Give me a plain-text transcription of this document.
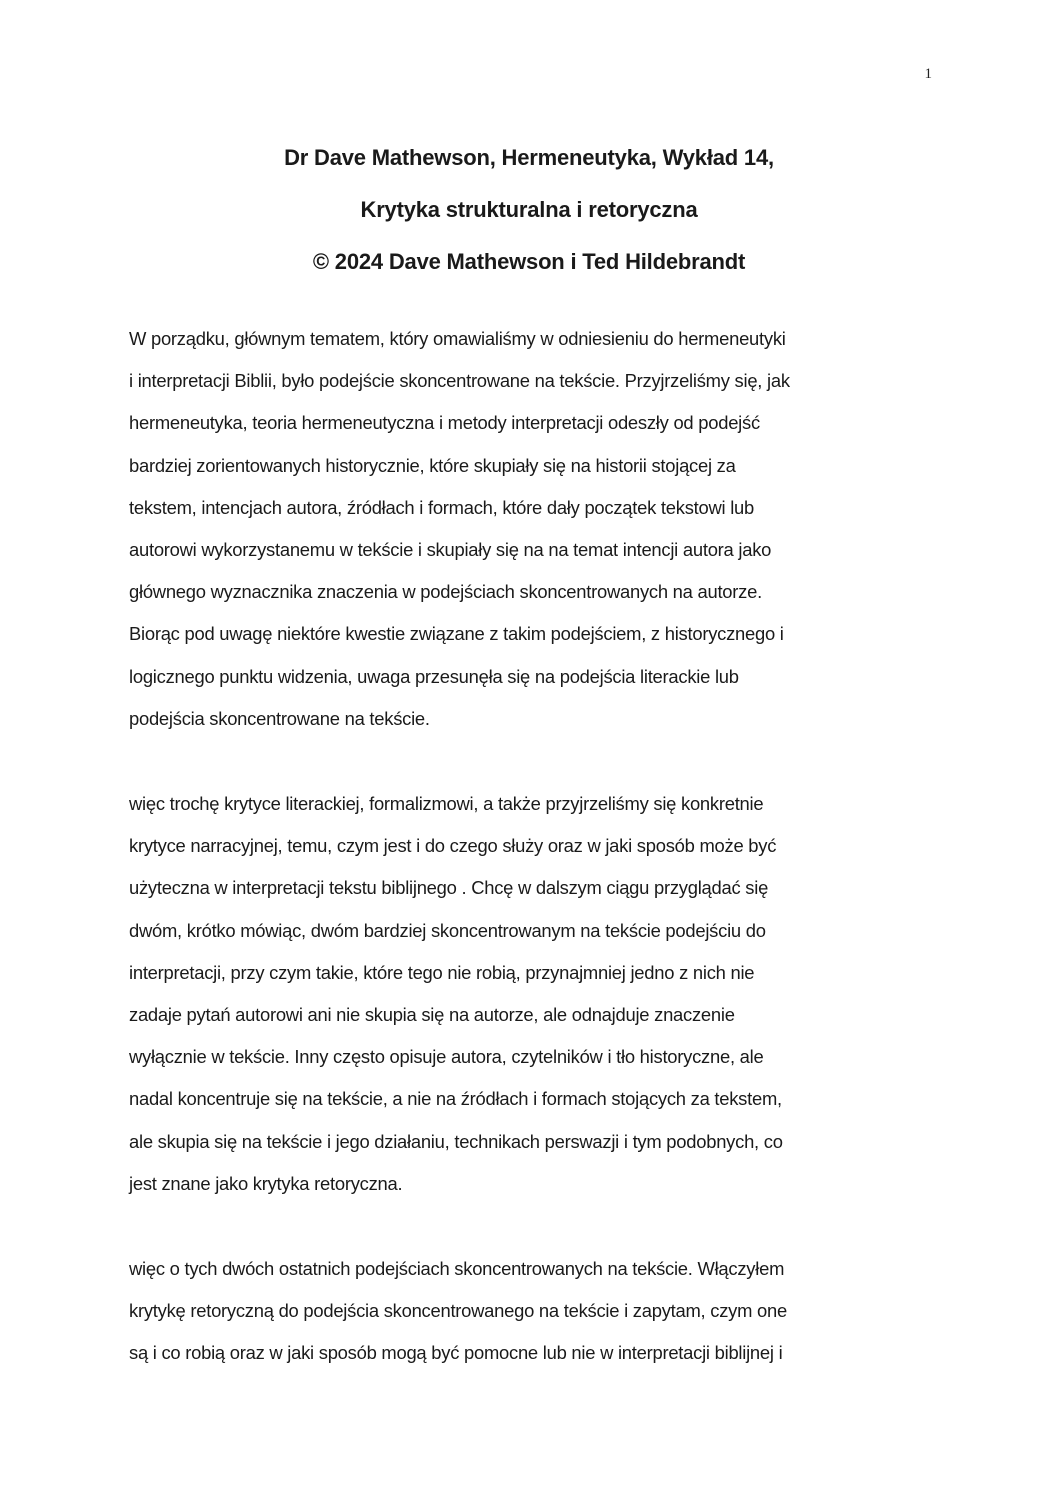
1
Dr Dave Mathewson, Hermeneutyka, Wykład 14,
Krytyka strukturalna i retoryczna
© 2024 Dave Mathewson i Ted Hildebrandt
W porządku, głównym tematem, który omawialiśmy w odniesieniu do hermeneutyki
i interpretacji Biblii, było podejście skoncentrowane na tekście. Przyjrzeliśmy się, jak
hermeneutyka, teoria hermeneutyczna i metody interpretacji odeszły od podejść
bardziej zorientowanych historycznie, które skupiały się na historii stojącej za
tekstem, intencjach autora, źródłach i formach, które dały początek tekstowi lub
autorowi wykorzystanemu w tekście i skupiały się na na temat intencji autora jako
głównego wyznacznika znaczenia w podejściach skoncentrowanych na autorze.
Biorąc pod uwagę niektóre kwestie związane z takim podejściem, z historycznego i
logicznego punktu widzenia, uwaga przesunęła się na podejścia literackie lub
podejścia skoncentrowane na tekście.
więc trochę krytyce literackiej, formalizmowi, a także przyjrzeliśmy się konkretnie
krytyce narracyjnej, temu, czym jest i do czego służy oraz w jaki sposób może być
użyteczna w interpretacji tekstu biblijnego . Chcę w dalszym ciągu przyglądać się
dwóm, krótko mówiąc, dwóm bardziej skoncentrowanym na tekście podejściu do
interpretacji, przy czym takie, które tego nie robią, przynajmniej jedno z nich nie
zadaje pytań autorowi ani nie skupia się na autorze, ale odnajduje znaczenie
wyłącznie w tekście. Inny często opisuje autora, czytelników i tło historyczne, ale
nadal koncentruje się na tekście, a nie na źródłach i formach stojących za tekstem,
ale skupia się na tekście i jego działaniu, technikach perswazji i tym podobnych, co
jest znane jako krytyka retoryczna.
więc o tych dwóch ostatnich podejściach skoncentrowanych na tekście. Włączyłem
krytykę retoryczną do podejścia skoncentrowanego na tekście i zapytam, czym one
są i co robią oraz w jaki sposób mogą być pomocne lub nie w interpretacji biblijnej i
